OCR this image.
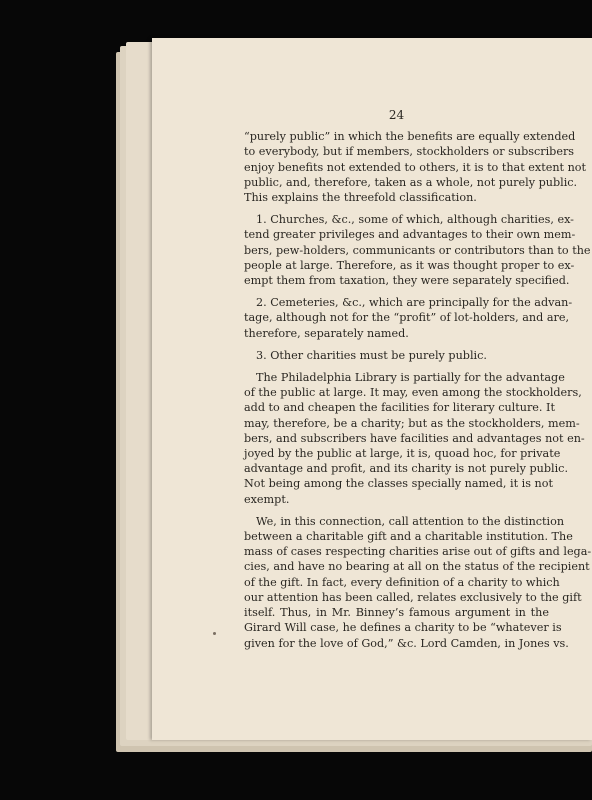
24
“purely public” in which the benefits are equally extended
to everybody, but if members, stockholders or subscribers
enjoy benefits not extended to others, it is to that extent not
public, and, therefore, taken as a whole, not purely public.
This explains the threefold classification.
1. Churches, &c., some of which, although charities, ex-
tend greater privileges and advantages to their own mem-
bers, pew-holders, communicants or contributors than to the
people at large. Therefore, as it was thought proper to ex-
empt them from taxation, they were separately specified.
2. Cemeteries, &c., which are principally for the advan-
tage, although not for the “profit” of lot-holders, and are,
therefore, separately named.
3. Other charities must be purely public.
The Philadelphia Library is partially for the advantage
of the public at large. It may, even among the stockholders,
add to and cheapen the facilities for literary culture. It
may, therefore, be a charity; but as the stockholders, mem-
bers, and subscribers have facilities and advantages not en-
joyed by the public at large, it is, quoad hoc, for private
advantage and profit, and its charity is not purely public.
Not being among the classes specially named, it is not
exempt.
We, in this connection, call attention to the distinction
between a charitable gift and a charitable institution. The
mass of cases respecting charities arise out of gifts and lega-
cies, and have no bearing at all on the status of the recipient
of the gift. In fact, every definition of a charity to which
our attention has been called, relates exclusively to the gift
itself. Thus, in Mr. Binney’s famous argument in the
Girard Will case, he defines a charity to be “whatever is
given for the love of God,” &c. Lord Camden, in Jones vs.
